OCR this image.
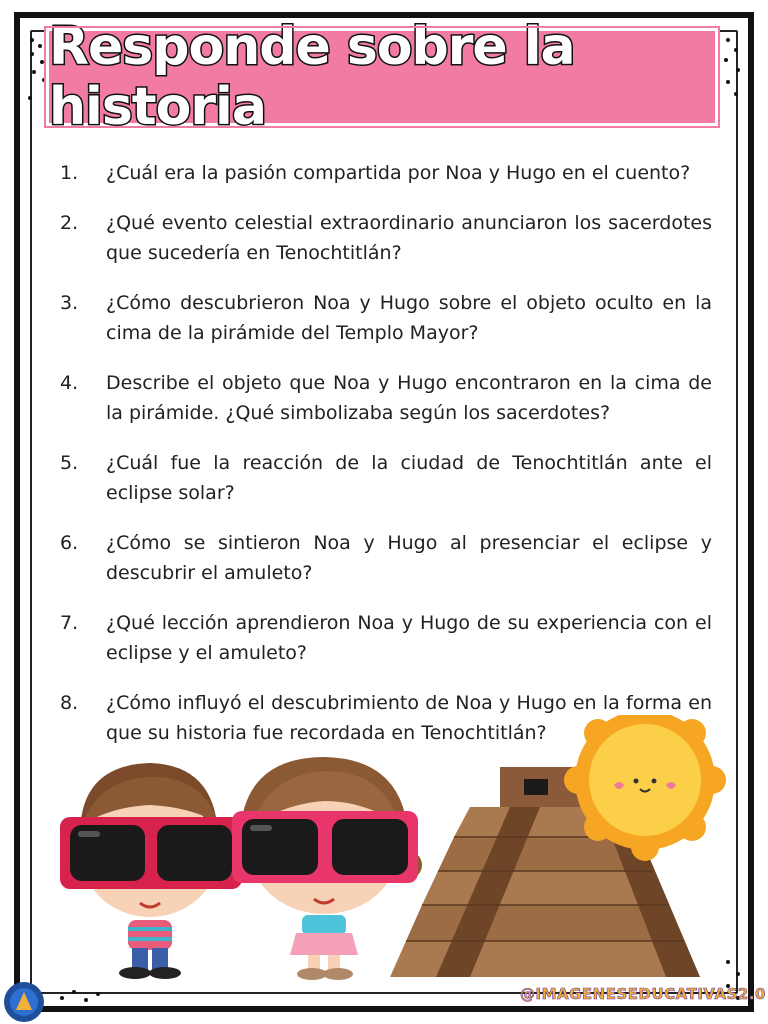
Responde sobre la historia
1.	¿Cuál era la pasión compartida por Noa y Hugo en el cuento?
2.	¿Qué evento celestial extraordinario anunciaron los sacerdotes que sucedería en Tenochtitlán?
3.	¿Cómo descubrieron Noa y Hugo sobre el objeto oculto en la cima de la pirámide del Templo Mayor?
4.	Describe el objeto que Noa y Hugo encontraron en la cima de la pirámide. ¿Qué simbolizaba según los sacerdotes?
5.	¿Cuál fue la reacción de la ciudad de Tenochtitlán ante el eclipse solar?
6.	¿Cómo se sintieron Noa y Hugo al presenciar el eclipse y descubrir el amuleto?
7.	¿Qué lección aprendieron Noa y Hugo de su experiencia con el eclipse y el amuleto?
8.	¿Cómo influyó el descubrimiento de Noa y Hugo en la forma en que su historia fue recordada en Tenochtitlán?
@IMAGENESEDUCATIVAS2.0
